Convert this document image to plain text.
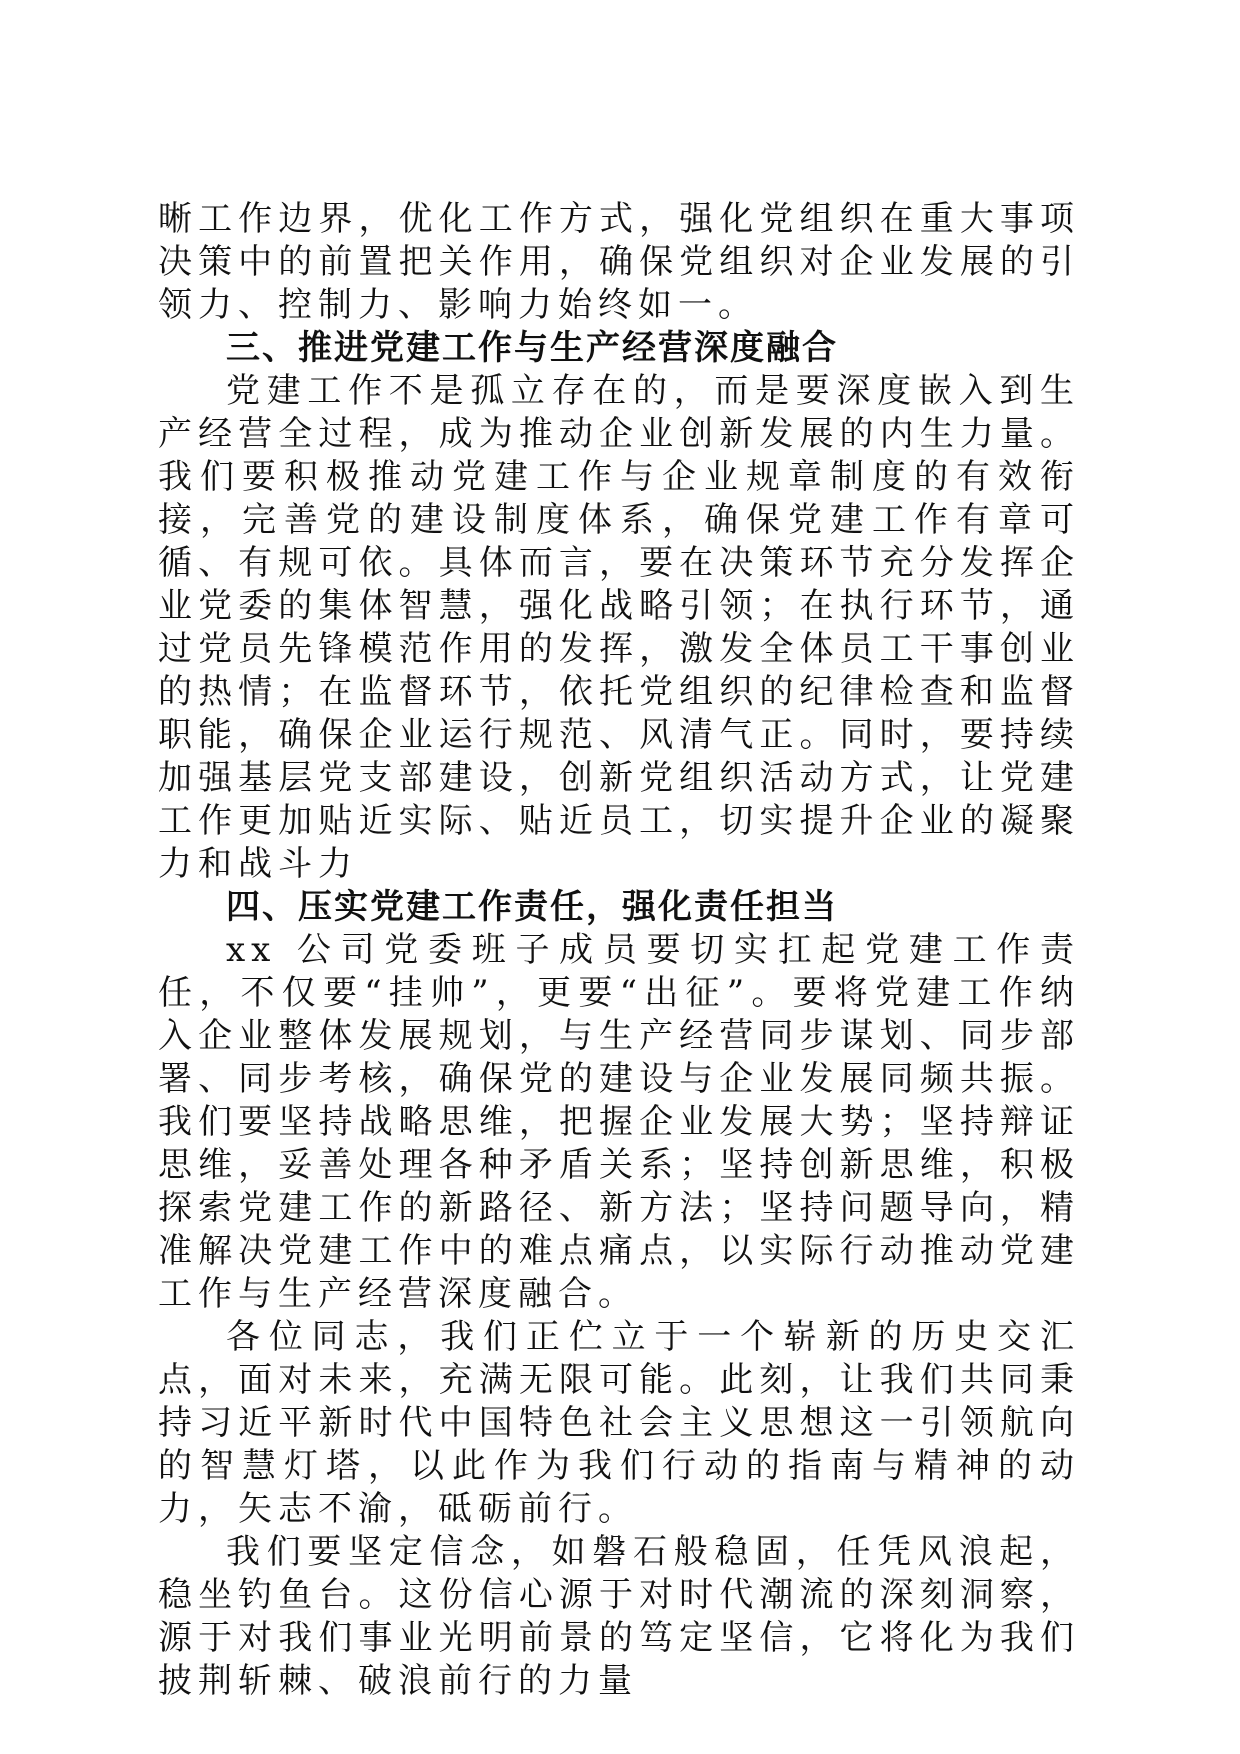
晰工作边界，优化工作方式，强化党组织在重大事项决策中的前置把关作用，确保党组织对企业发展的引领力、控制力、影响力始终如一。

三、推进党建工作与生产经营深度融合

党建工作不是孤立存在的，而是要深度嵌入到生产经营全过程，成为推动企业创新发展的内生力量。我们要积极推动党建工作与企业规章制度的有效衔接，完善党的建设制度体系，确保党建工作有章可循、有规可依。具体而言，要在决策环节充分发挥企业党委的集体智慧，强化战略引领；在执行环节，通过党员先锋模范作用的发挥，激发全体员工干事创业的热情；在监督环节，依托党组织的纪律检查和监督职能，确保企业运行规范、风清气正。同时，要持续加强基层党支部建设，创新党组织活动方式，让党建工作更加贴近实际、贴近员工，切实提升企业的凝聚力和战斗力

四、压实党建工作责任，强化责任担当

xx 公司党委班子成员要切实扛起党建工作责任，不仅要“挂帅”，更要“出征”。要将党建工作纳入企业整体发展规划，与生产经营同步谋划、同步部署、同步考核，确保党的建设与企业发展同频共振。我们要坚持战略思维，把握企业发展大势；坚持辩证思维，妥善处理各种矛盾关系；坚持创新思维，积极探索党建工作的新路径、新方法；坚持问题导向，精准解决党建工作中的难点痛点，以实际行动推动党建工作与生产经营深度融合。

各位同志，我们正伫立于一个崭新的历史交汇点，面对未来，充满无限可能。此刻，让我们共同秉持习近平新时代中国特色社会主义思想这一引领航向的智慧灯塔，以此作为我们行动的指南与精神的动力，矢志不渝，砥砺前行。

我们要坚定信念，如磐石般稳固，任凭风浪起，稳坐钓鱼台。这份信心源于对时代潮流的深刻洞察，源于对我们事业光明前景的笃定坚信，它将化为我们披荆斩棘、破浪前行的力量
